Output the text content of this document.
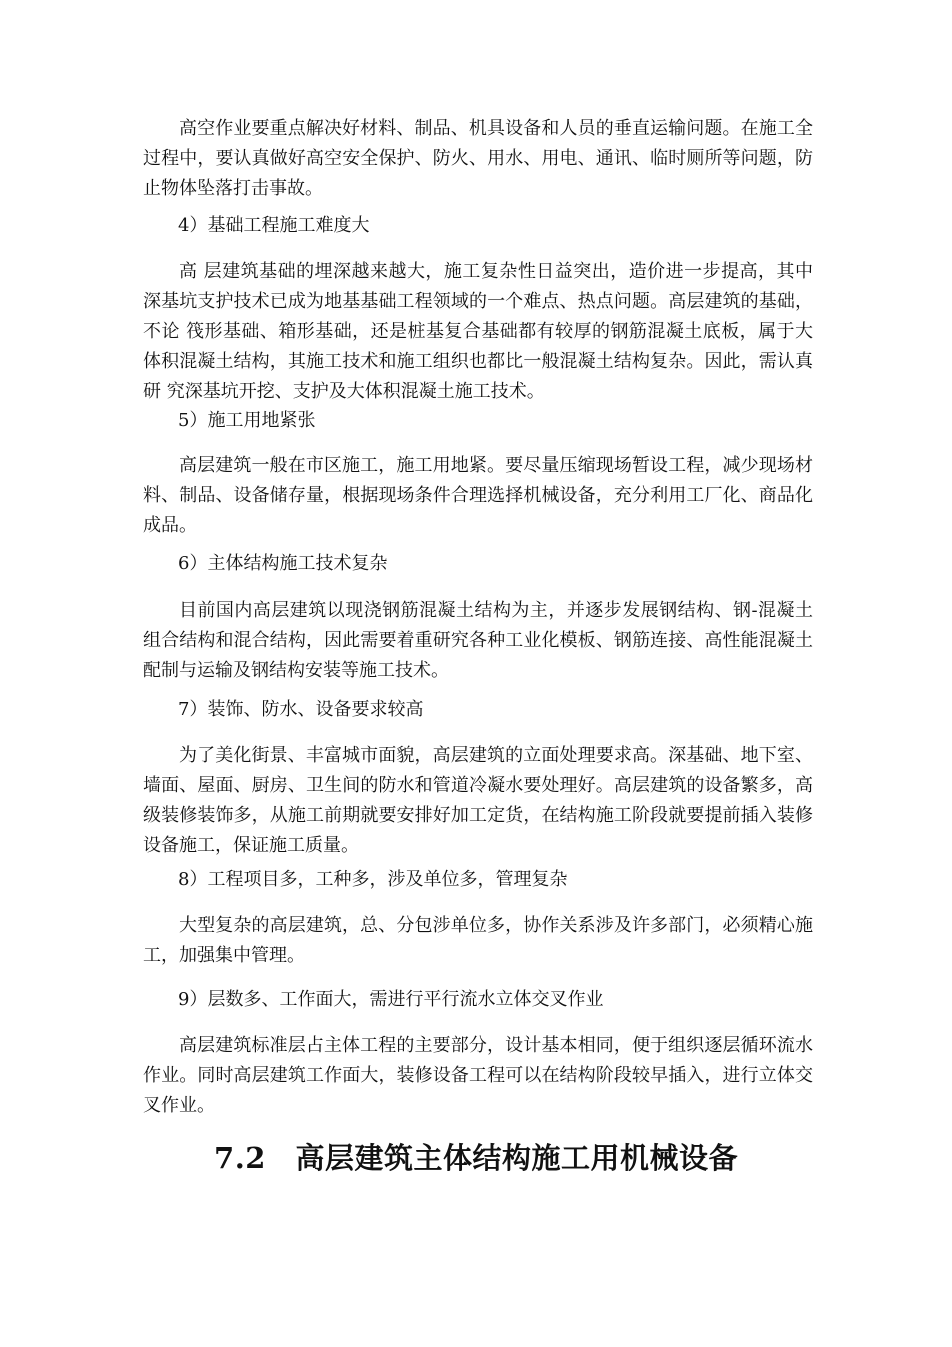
高空作业要重点解决好材料、制品、机具设备和人员的垂直运输问题。在施工全过程中，要认真做好高空安全保护、防火、用水、用电、通讯、临时厕所等问题，防止物体坠落打击事故。

4）基础工程施工难度大

高 层建筑基础的埋深越来越大，施工复杂性日益突出，造价进一步提高，其中深基坑支护技术已成为地基基础工程领域的一个难点、热点问题。高层建筑的基础，不论 筏形基础、箱形基础，还是桩基复合基础都有较厚的钢筋混凝土底板，属于大体积混凝土结构，其施工技术和施工组织也都比一般混凝土结构复杂。因此，需认真研 究深基坑开挖、支护及大体积混凝土施工技术。

5）施工用地紧张

高层建筑一般在市区施工，施工用地紧。要尽量压缩现场暂设工程，减少现场材料、制品、设备储存量，根据现场条件合理选择机械设备，充分利用工厂化、商品化成品。

6）主体结构施工技术复杂

目前国内高层建筑以现浇钢筋混凝土结构为主，并逐步发展钢结构、钢-混凝土组合结构和混合结构，因此需要着重研究各种工业化模板、钢筋连接、高性能混凝土配制与运输及钢结构安装等施工技术。

7）装饰、防水、设备要求较高

为了美化街景、丰富城市面貌，高层建筑的立面处理要求高。深基础、地下室、墙面、屋面、厨房、卫生间的防水和管道冷凝水要处理好。高层建筑的设备繁多，高级装修装饰多，从施工前期就要安排好加工定货，在结构施工阶段就要提前插入装修设备施工，保证施工质量。

8）工程项目多，工种多，涉及单位多，管理复杂

大型复杂的高层建筑，总、分包涉单位多，协作关系涉及许多部门，必须精心施工，加强集中管理。

9）层数多、工作面大，需进行平行流水立体交叉作业

高层建筑标准层占主体工程的主要部分，设计基本相同，便于组织逐层循环流水作业。同时高层建筑工作面大，装修设备工程可以在结构阶段较早插入，进行立体交叉作业。

7.2　高层建筑主体结构施工用机械设备
